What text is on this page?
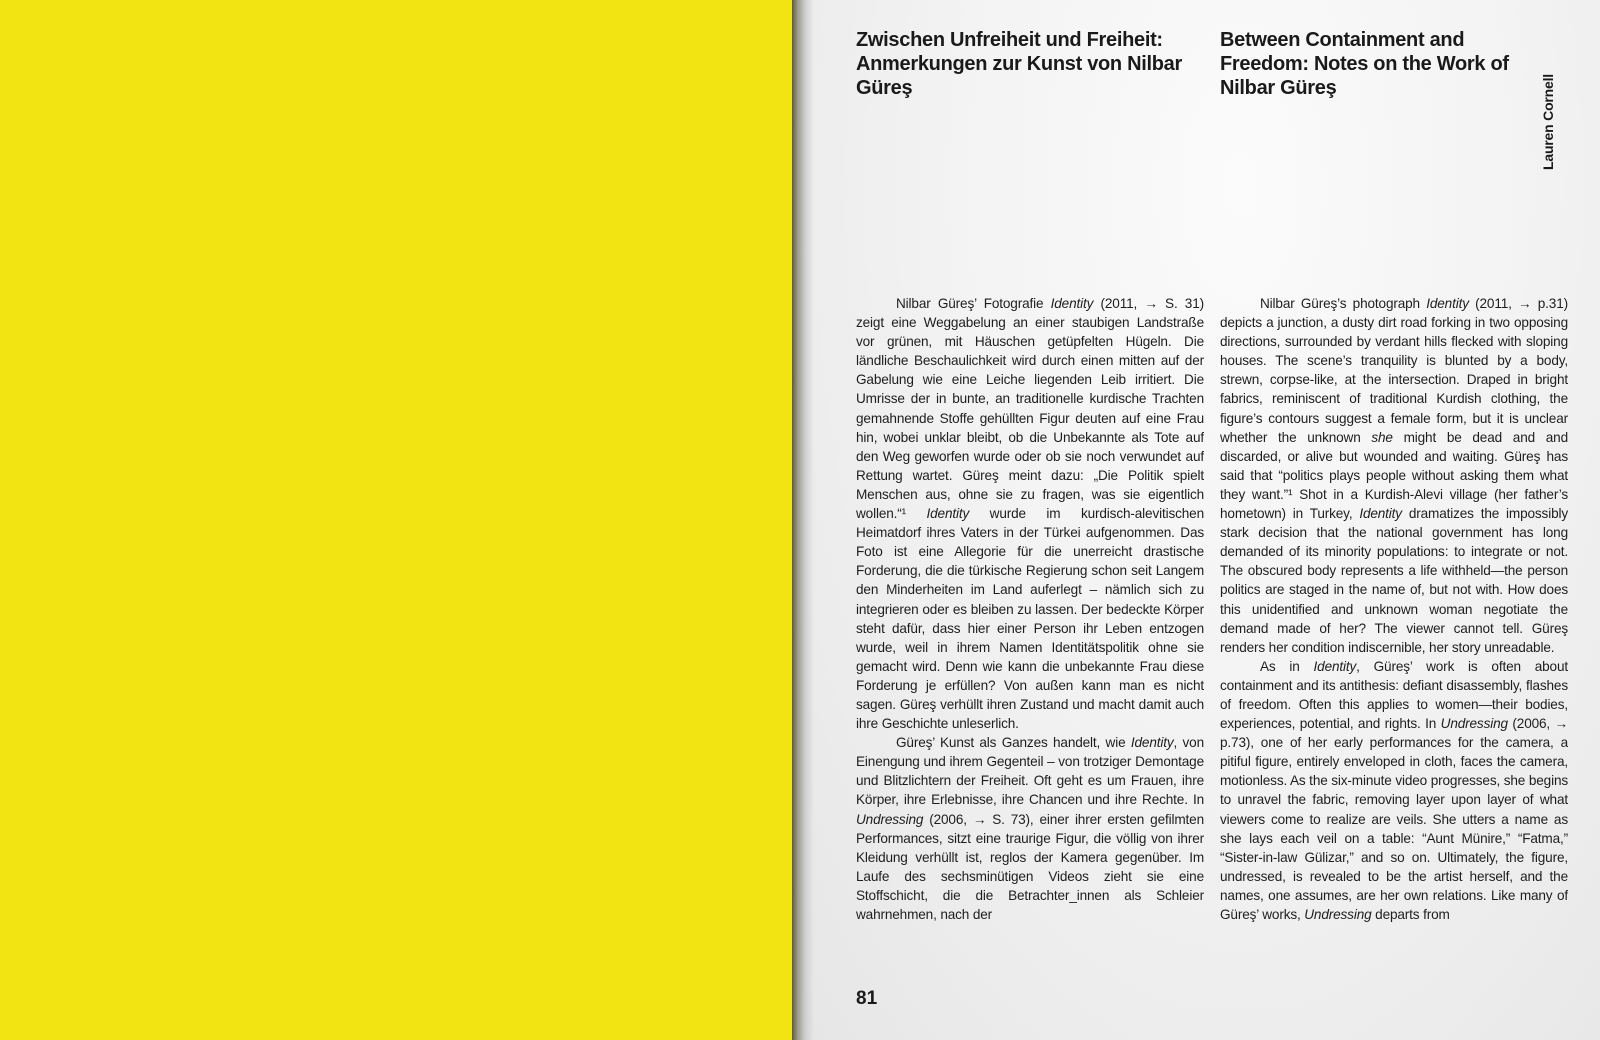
Zwischen Unfreiheit und Freiheit: Anmerkungen zur Kunst von Nilbar Güreş
Between Containment and Freedom: Notes on the Work of Nilbar Güreş	Lauren Cornell

Nilbar Güreş’ Fotografie Identity (2011, → S. 31) zeigt eine Weggabelung an einer staubigen Landstraße vor grünen, mit Häuschen getüpfelten Hügeln. Die ländliche Beschaulichkeit wird durch einen mitten auf der Gabelung wie eine Leiche liegenden Leib irritiert. Die Umrisse der in bunte, an traditionelle kurdische Trachten gemahnende Stoffe gehüllten Figur deuten auf eine Frau hin, wobei unklar bleibt, ob die Unbekannte als Tote auf den Weg geworfen wurde oder ob sie noch verwundet auf Rettung wartet. Güreş meint dazu: „Die Politik spielt Menschen aus, ohne sie zu fragen, was sie eigentlich wollen.“¹ Identity wurde im kurdisch-alevitischen Heimatdorf ihres Vaters in der Türkei aufgenommen. Das Foto ist eine Allegorie für die unerreicht drastische Forderung, die die türkische Regierung schon seit Langem den Minderheiten im Land auferlegt – nämlich sich zu integrieren oder es bleiben zu lassen. Der bedeckte Körper steht dafür, dass hier einer Person ihr Leben entzogen wurde, weil in ihrem Namen Identitätspolitik ohne sie gemacht wird. Denn wie kann die unbekannte Frau diese Forderung je erfüllen? Von außen kann man es nicht sagen. Güreş verhüllt ihren Zustand und macht damit auch ihre Geschichte unleserlich.

Güreş’ Kunst als Ganzes handelt, wie Identity, von Einengung und ihrem Gegenteil – von trotziger Demontage und Blitzlichtern der Freiheit. Oft geht es um Frauen, ihre Körper, ihre Erlebnisse, ihre Chancen und ihre Rechte. In Undressing (2006, → S. 73), einer ihrer ersten gefilmten Performances, sitzt eine traurige Figur, die völlig von ihrer Kleidung verhüllt ist, reglos der Kamera gegenüber. Im Laufe des sechsminütigen Videos zieht sie eine Stoffschicht, die die Betrachter_innen als Schleier wahrnehmen, nach der

Nilbar Güreş’s photograph Identity (2011, → p.31) depicts a junction, a dusty dirt road forking in two opposing directions, surrounded by verdant hills flecked with sloping houses. The scene’s tranquility is blunted by a body, strewn, corpse-like, at the intersection. Draped in bright fabrics, reminiscent of traditional Kurdish clothing, the figure’s contours suggest a female form, but it is unclear whether the unknown she might be dead and and discarded, or alive but wounded and waiting. Güreş has said that “politics plays people without asking them what they want.”¹ Shot in a Kurdish-Alevi village (her father’s hometown) in Turkey, Identity dramatizes the impossibly stark decision that the national government has long demanded of its minority populations: to integrate or not. The obscured body represents a life withheld—the person politics are staged in the name of, but not with. How does this unidentified and unknown woman negotiate the demand made of her? The viewer cannot tell. Güreş renders her condition indiscernible, her story unreadable.

As in Identity, Güreş’ work is often about containment and its antithesis: defiant disassembly, flashes of freedom. Often this applies to women—their bodies, experiences, potential, and rights. In Undressing (2006, → p.73), one of her early performances for the camera, a pitiful figure, entirely enveloped in cloth, faces the camera, motionless. As the six-minute video progresses, she begins to unravel the fabric, removing layer upon layer of what viewers come to realize are veils. She utters a name as she lays each veil on a table: “Aunt Münire,” “Fatma,” “Sister-in-law Gülizar,” and so on. Ultimately, the figure, undressed, is revealed to be the artist herself, and the names, one assumes, are her own relations. Like many of Güreş’ works, Undressing departs from

81
